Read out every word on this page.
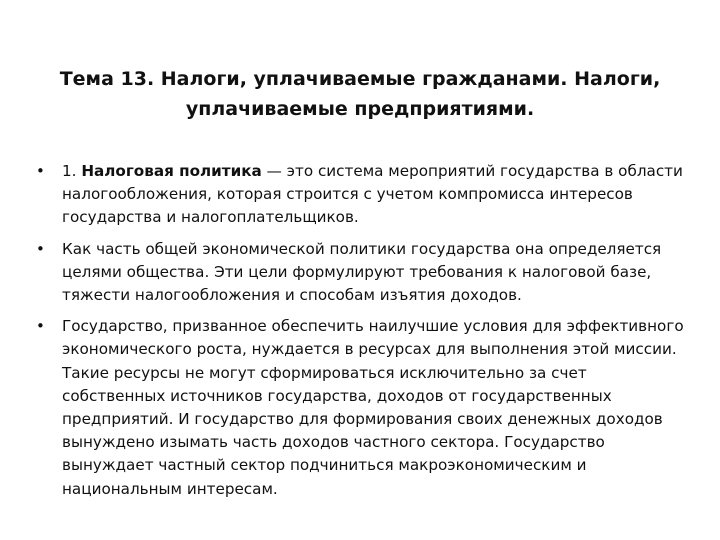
Тема 13. Налоги, уплачиваемые гражданами. Налоги, уплачиваемые предприятиями.
• 1. Налоговая политика — это система мероприятий государства в области налогообложения, которая строится с учетом компромисса интересов государства и налогоплательщиков.
• Как часть общей экономической политики государства она определяется целями общества. Эти цели формулируют требования к налоговой базе, тяжести налогообложения и способам изъятия доходов.
• Государство, призванное обеспечить наилучшие условия для эффективного экономического роста, нуждается в ресурсах для выполнения этой миссии. Такие ресурсы не могут сформироваться исключительно за счет собственных источников государства, доходов от государственных предприятий. И государство для формирования своих денежных доходов вынуждено изымать часть доходов частного сектора. Государство вынуждает частный сектор подчиниться макроэкономическим и национальным интересам.
